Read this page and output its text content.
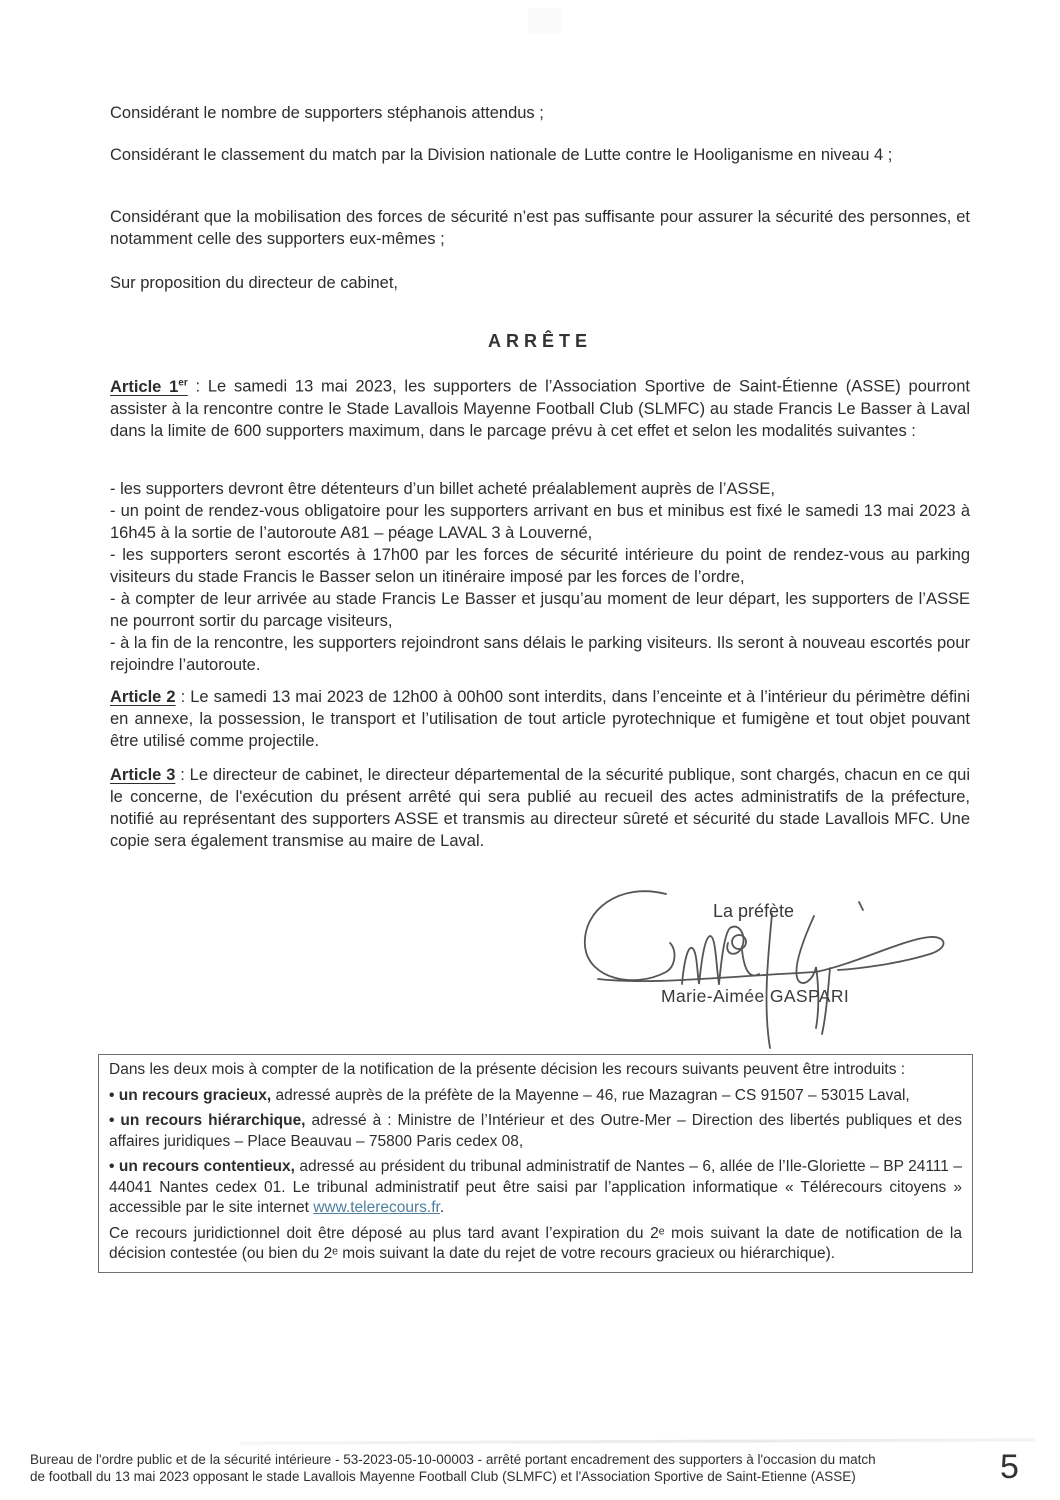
Considérant le nombre de supporters stéphanois attendus ;

Considérant le classement du match par la Division nationale de Lutte contre le Hooliganisme en niveau 4 ;

Considérant que la mobilisation des forces de sécurité n’est pas suffisante pour assurer la sécurité des personnes, et notamment celle des supporters eux-mêmes ;

Sur proposition du directeur de cabinet,

ARRÊTE

Article 1er : Le samedi 13 mai 2023, les supporters de l’Association Sportive de Saint-Étienne (ASSE) pourront assister à la rencontre contre le Stade Lavallois Mayenne Football Club (SLMFC) au stade Francis Le Basser à Laval dans la limite de 600 supporters maximum, dans le parcage prévu à cet effet et selon les modalités suivantes :

- les supporters devront être détenteurs d’un billet acheté préalablement auprès de l’ASSE,

- un point de rendez-vous obligatoire pour les supporters arrivant en bus et minibus est fixé le samedi 13 mai 2023 à 16h45 à la sortie de l’autoroute A81 – péage LAVAL 3 à Louverné,

- les supporters seront escortés à 17h00 par les forces de sécurité intérieure du point de rendez-vous au parking visiteurs du stade Francis le Basser selon un itinéraire imposé par les forces de l’ordre,

- à compter de leur arrivée au stade Francis Le Basser et jusqu’au moment de leur départ, les supporters de l’ASSE ne pourront sortir du parcage visiteurs,

- à la fin de la rencontre, les supporters rejoindront sans délais le parking visiteurs. Ils seront à nouveau escortés pour rejoindre l’autoroute.

Article 2 : Le samedi 13 mai 2023 de 12h00 à 00h00 sont interdits, dans l’enceinte et à l’intérieur du périmètre défini en annexe, la possession, le transport et l’utilisation de tout article pyrotechnique et fumigène et tout objet pouvant être utilisé comme projectile.

Article 3 : Le directeur de cabinet, le directeur départemental de la sécurité publique, sont chargés, chacun en ce qui le concerne, de l'exécution du présent arrêté qui sera publié au recueil des actes administratifs de la préfecture, notifié au représentant des supporters ASSE et transmis au directeur sûreté et sécurité du stade Lavallois MFC. Une copie sera également transmise au maire de Laval.

La préfète
Marie-Aimée GASPARI

Dans les deux mois à compter de la notification de la présente décision les recours suivants peuvent être introduits :

• un recours gracieux, adressé auprès de la préfète de la Mayenne – 46, rue Mazagran – CS 91507 – 53015 Laval,

• un recours hiérarchique, adressé à : Ministre de l’Intérieur et des Outre-Mer – Direction des libertés publiques et des affaires juridiques – Place Beauvau – 75800 Paris cedex 08,

• un recours contentieux, adressé au président du tribunal administratif de Nantes – 6, allée de l’Ile-Gloriette – BP 24111 – 44041 Nantes cedex 01. Le tribunal administratif peut être saisi par l’application informatique « Télérecours citoyens » accessible par le site internet www.telerecours.fr.

Ce recours juridictionnel doit être déposé au plus tard avant l’expiration du 2ᵉ mois suivant la date de notification de la décision contestée (ou bien du 2ᵉ mois suivant la date du rejet de votre recours gracieux ou hiérarchique).

Bureau de l'ordre public et de la sécurité intérieure - 53-2023-05-10-00003 - arrêté portant encadrement des supporters à l'occasion du match de football du 13 mai 2023 opposant le stade Lavallois Mayenne Football Club (SLMFC) et l'Association Sportive de Saint-Etienne (ASSE)	5
